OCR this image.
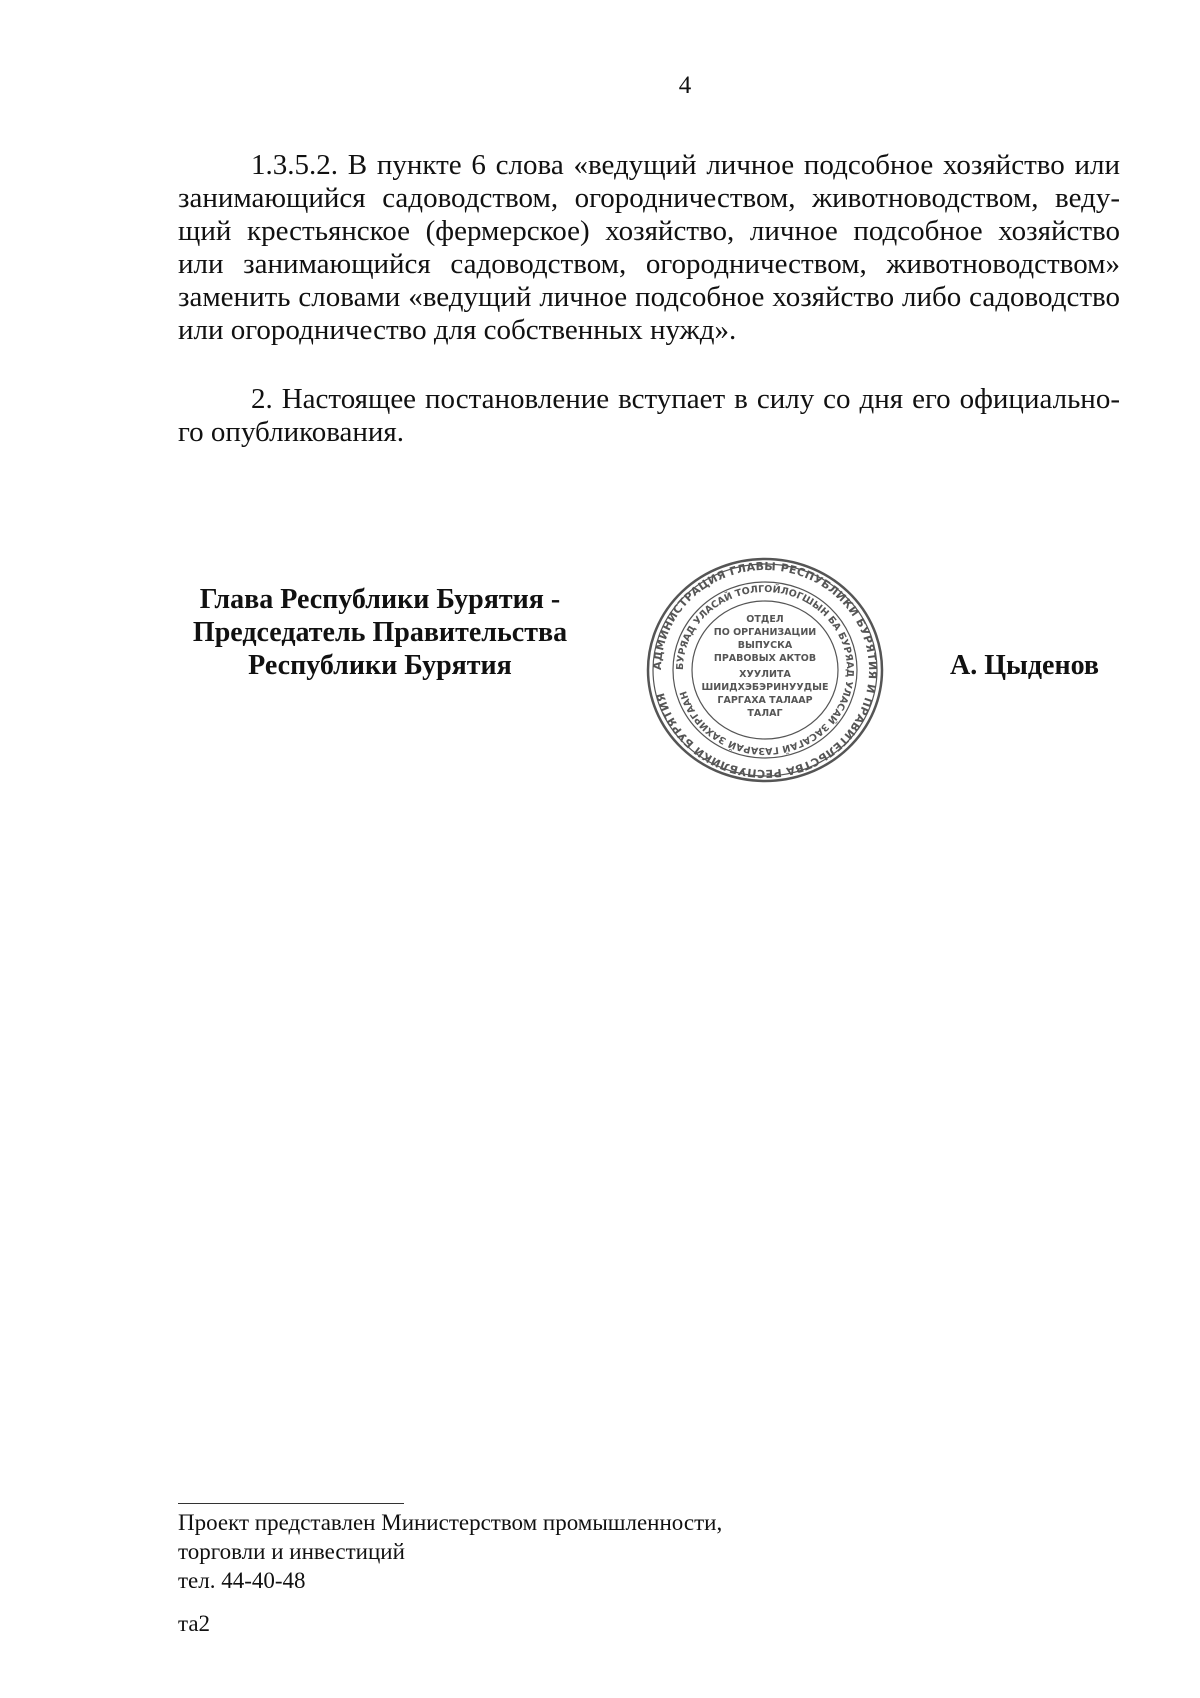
4

1.3.5.2. В пункте 6 слова «ведущий личное подсобное хозяйство или занимающийся садоводством, огородничеством, животноводством, ведущий крестьянское (фермерское) хозяйство, личное подсобное хозяйство или занимающийся садоводством, огородничеством, животноводством» заменить словами «ведущий личное подсобное хозяйство либо садоводство или огородничество для собственных нужд».

2. Настоящее постановление вступает в силу со дня его официального опубликования.

Глава Республики Бурятия -
Председатель Правительства
Республики Бурятия	АДМИНИСТРАЦИЯ ГЛАВЫ РЕСПУБЛИКИ БУРЯТИЯ И ПРАВИТЕЛЬСТВА РЕСПУБЛИКИ БУРЯТИЯ
БУРЯАД УЛАСАЙ ТОЛГОЙЛОГШЫН БА БУРЯАД УЛАСАЙ ЗАСАГАЙ ГАЗАРАЙ ЗАХИРГААН
ОТДЕЛ
ПО ОРГАНИЗАЦИИ
ВЫПУСКА
ПРАВОВЫХ АКТОВ
ХУУЛИТА
ШИИДХЭБЭРИНУУДЫЕ
ГАРГАХА ТАЛААР
ТАЛАГ
А. Цыденов
Проект представлен Министерством промышленности,
торговли и инвестиций
тел. 44-40-48
та2
